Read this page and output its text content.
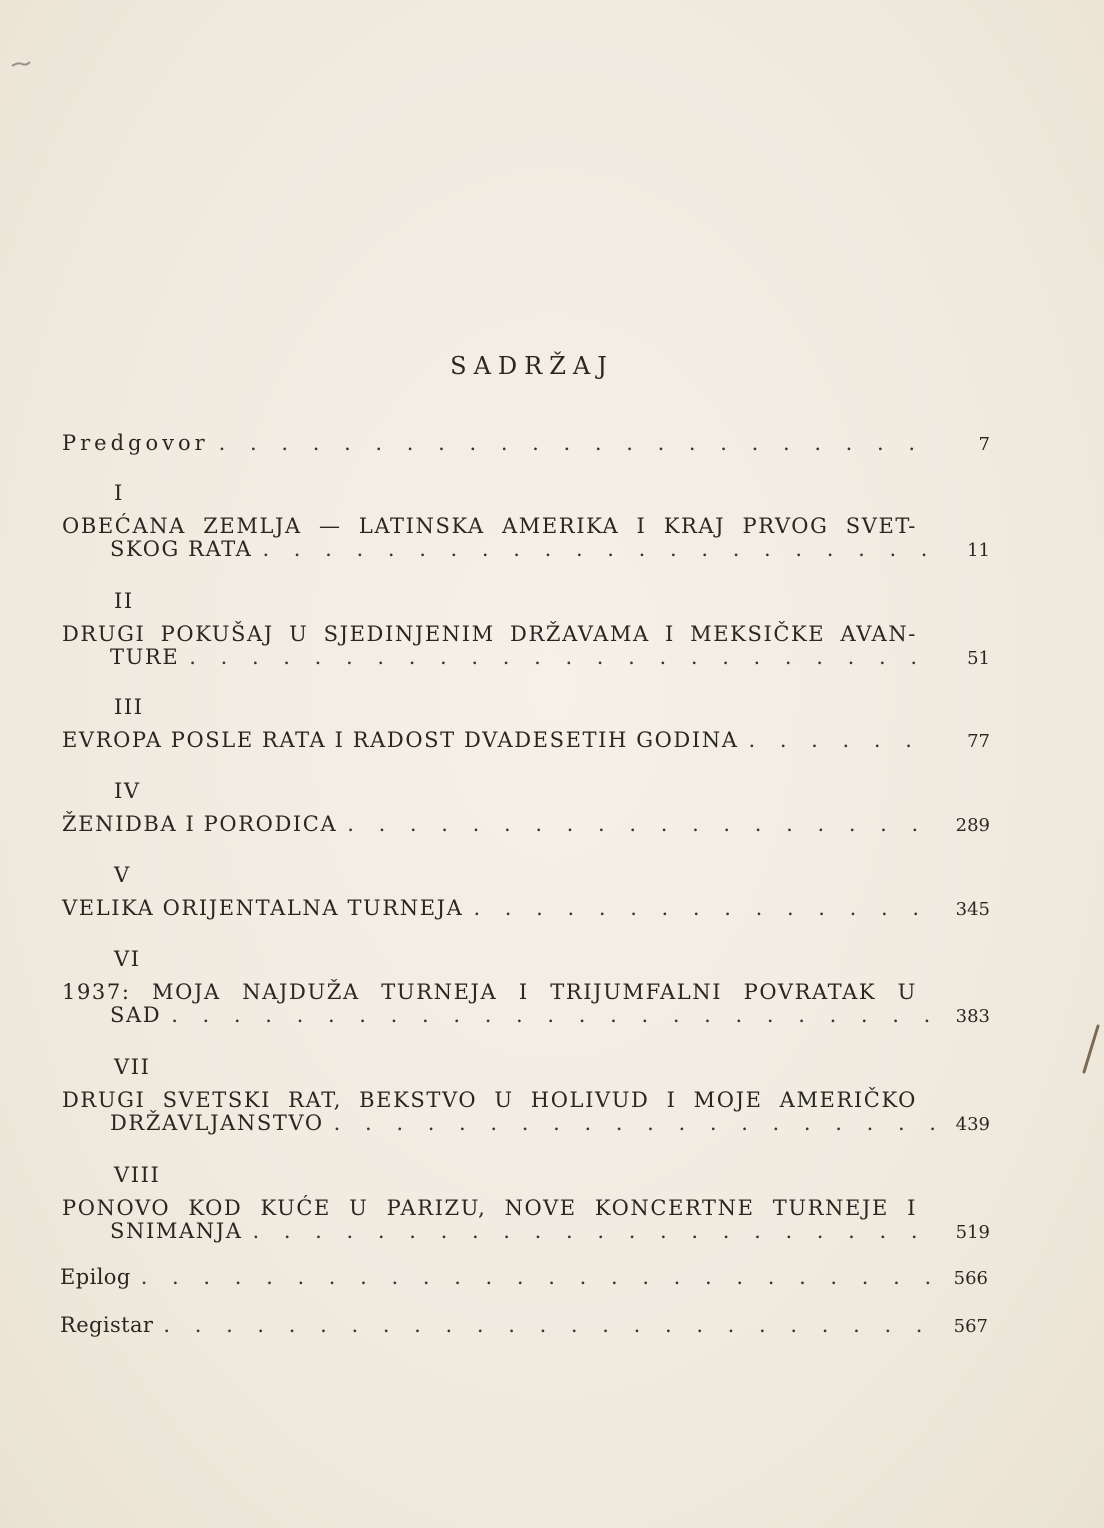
SADRŽAJ
Predgovor . . .	7
I
OBEĆANA ZEMLJA — LATINSKA AMERIKA I KRAJ PRVOG SVET-
SKOG RATA . . .	11
II
DRUGI POKUŠAJ U SJEDINJENIM DRŽAVAMA I MEKSIČKE AVAN-
TURE . . .	51
III
EVROPA POSLE RATA I RADOST DVADESETIH GODINA . . .	77
IV
ŽENIDBA I PORODICA . . .	289
V
VELIKA ORIJENTALNA TURNEJA . . .	345
VI
1937: MOJA NAJDUŽA TURNEJA I TRIJUMFALNI POVRATAK U
SAD . . .	383
VII
DRUGI SVETSKI RAT, BEKSTVO U HOLIVUD I MOJE AMERIČKO
DRŽAVLJANSTVO . . .	439
VIII
PONOVO KOD KUĆE U PARIZU, NOVE KONCERTNE TURNEJE I
SNIMANJA . . .	519
Epilog . . .	566
Registar . . .	567
